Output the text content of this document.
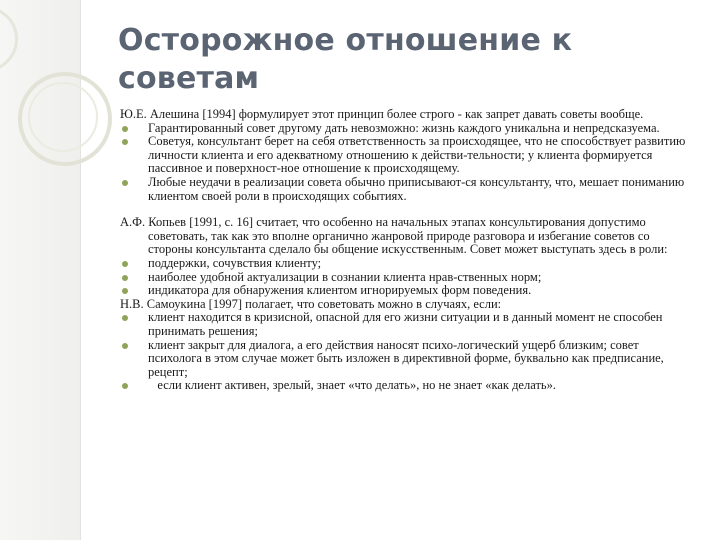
Осторожное отношение к советам

Ю.Е. Алешина [1994] формулирует этот принцип более строго - как запрет давать советы вообще.

Гарантированный совет другому дать невозможно: жизнь каждого уникальна и непредсказуема.
Советуя, консультант берет на себя ответственность за происходящее, что не способствует развитию личности клиента и его адекватному отношению к действи-тельности; у клиента формируется пассивное и поверхност-ное отношение к происходящему.
Любые неудачи в реализации совета обычно приписывают-ся консультанту, что, мешает пониманию клиентом своей роли в происходящих событиях.

А.Ф. Копьев [1991, с. 16] считает, что особенно на начальных этапах консультирования допустимо советовать, так как это вполне органично жанровой природе разговора и избегание советов со стороны консультанта сделало бы общение искусственным. Совет может выступать здесь в роли:

поддержки, сочувствия клиенту;
наиболее удобной актуализации в сознании клиента нрав-ственных норм;
индикатора для обнаружения клиентом игнорируемых форм поведения.

Н.В. Самоукина [1997] полагает, что советовать можно в случаях, если:

клиент находится в кризисной, опасной для его жизни ситуации и в данный момент не способен принимать решения;
клиент закрыт для диалога, а его действия наносят психо-логический ущерб близким; совет психолога в этом случае может быть изложен в директивной форме, буквально как предписание, рецепт;
если клиент активен, зрелый, знает «что делать», но не знает «как делать».
